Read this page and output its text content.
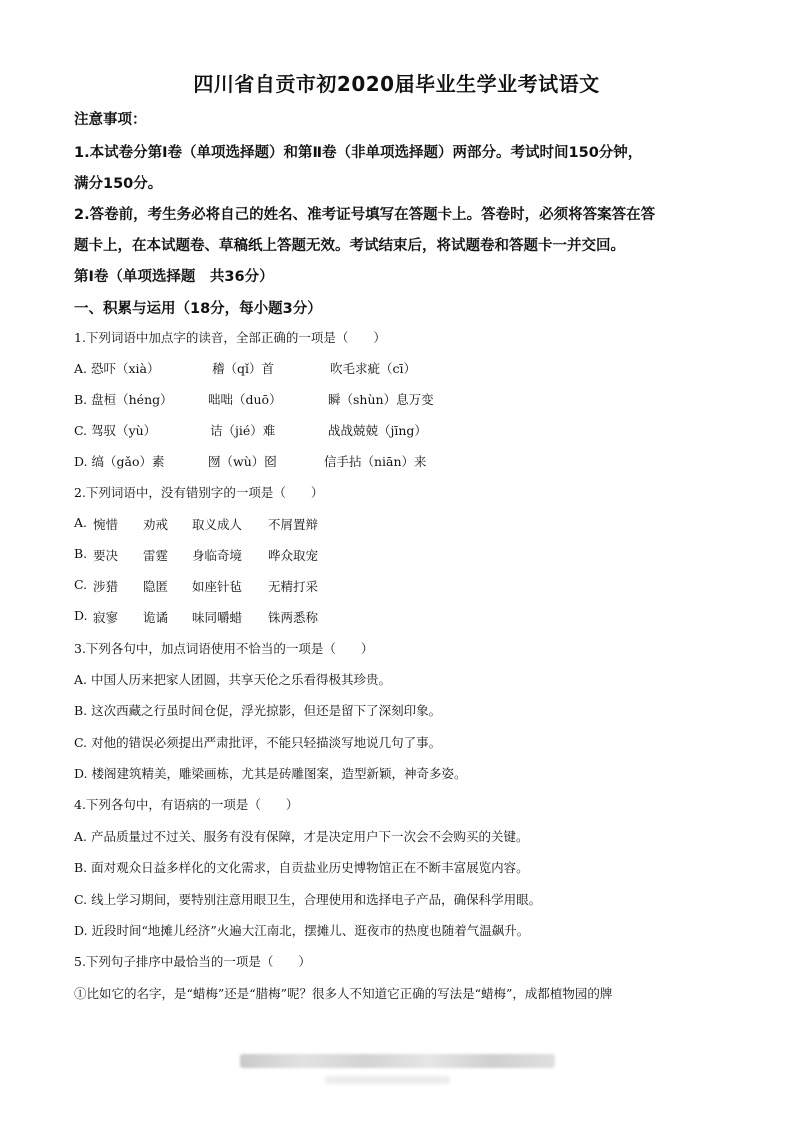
四川省自贡市初2020届毕业生学业考试语文
注意事项：
1.本试卷分第Ⅰ卷（单项选择题）和第Ⅱ卷（非单项选择题）两部分。考试时间150分钟，
满分150分。
2.答卷前，考生务必将自己的姓名、准考证号填写在答题卡上。答卷时，必须将答案答在答
题卡上，在本试题卷、草稿纸上答题无效。考试结束后，将试题卷和答题卡一并交回。
第Ⅰ卷（单项选择题　共36分）
一、积累与运用（18分，每小题3分）
1.下列词语中加点字的读音，全部正确的一项是（　　）
A. 恐吓（xià）	稽（qǐ）首	吹毛求疵（cī）
B. 盘桓（héng）	咄咄（duō）	瞬（shùn）息万变
C. 驾驭（yù）	诘（jié）难	战战兢兢（jīng）
D. 缟（gǎo）素	囫（wù）囵	信手拈（niān）来
2.下列词语中，没有错别字的一项是（　　）
A. 惋惜 劝戒 取义成人 不屑置辩
B. 要决 雷霆 身临奇境 哗众取宠
C. 涉猎 隐匿 如座针毡 无精打采
D. 寂寥 诡谲 味同嚼蜡 铢两悉称
3.下列各句中，加点词语使用不恰当的一项是（　　）
A. 中国人历来把家人团圆，共享天伦之乐看得极其珍贵。
B. 这次西藏之行虽时间仓促，浮光掠影，但还是留下了深刻印象。
C. 对他的错误必须提出严肃批评，不能只轻描淡写地说几句了事。
D. 楼阁建筑精美，雕梁画栋，尤其是砖雕图案，造型新颖，神奇多姿。
4.下列各句中，有语病的一项是（　　）
A. 产品质量过不过关、服务有没有保障，才是决定用户下一次会不会购买的关键。
B. 面对观众日益多样化的文化需求，自贡盐业历史博物馆正在不断丰富展览内容。
C. 线上学习期间，要特别注意用眼卫生，合理使用和选择电子产品，确保科学用眼。
D. 近段时间“地摊儿经济”火遍大江南北，摆摊儿、逛夜市的热度也随着气温飙升。
5.下列句子排序中最恰当的一项是（　　）
①比如它的名字，是“蜡梅”还是“腊梅”呢？很多人不知道它正确的写法是“蜡梅”，成都植物园的牌
